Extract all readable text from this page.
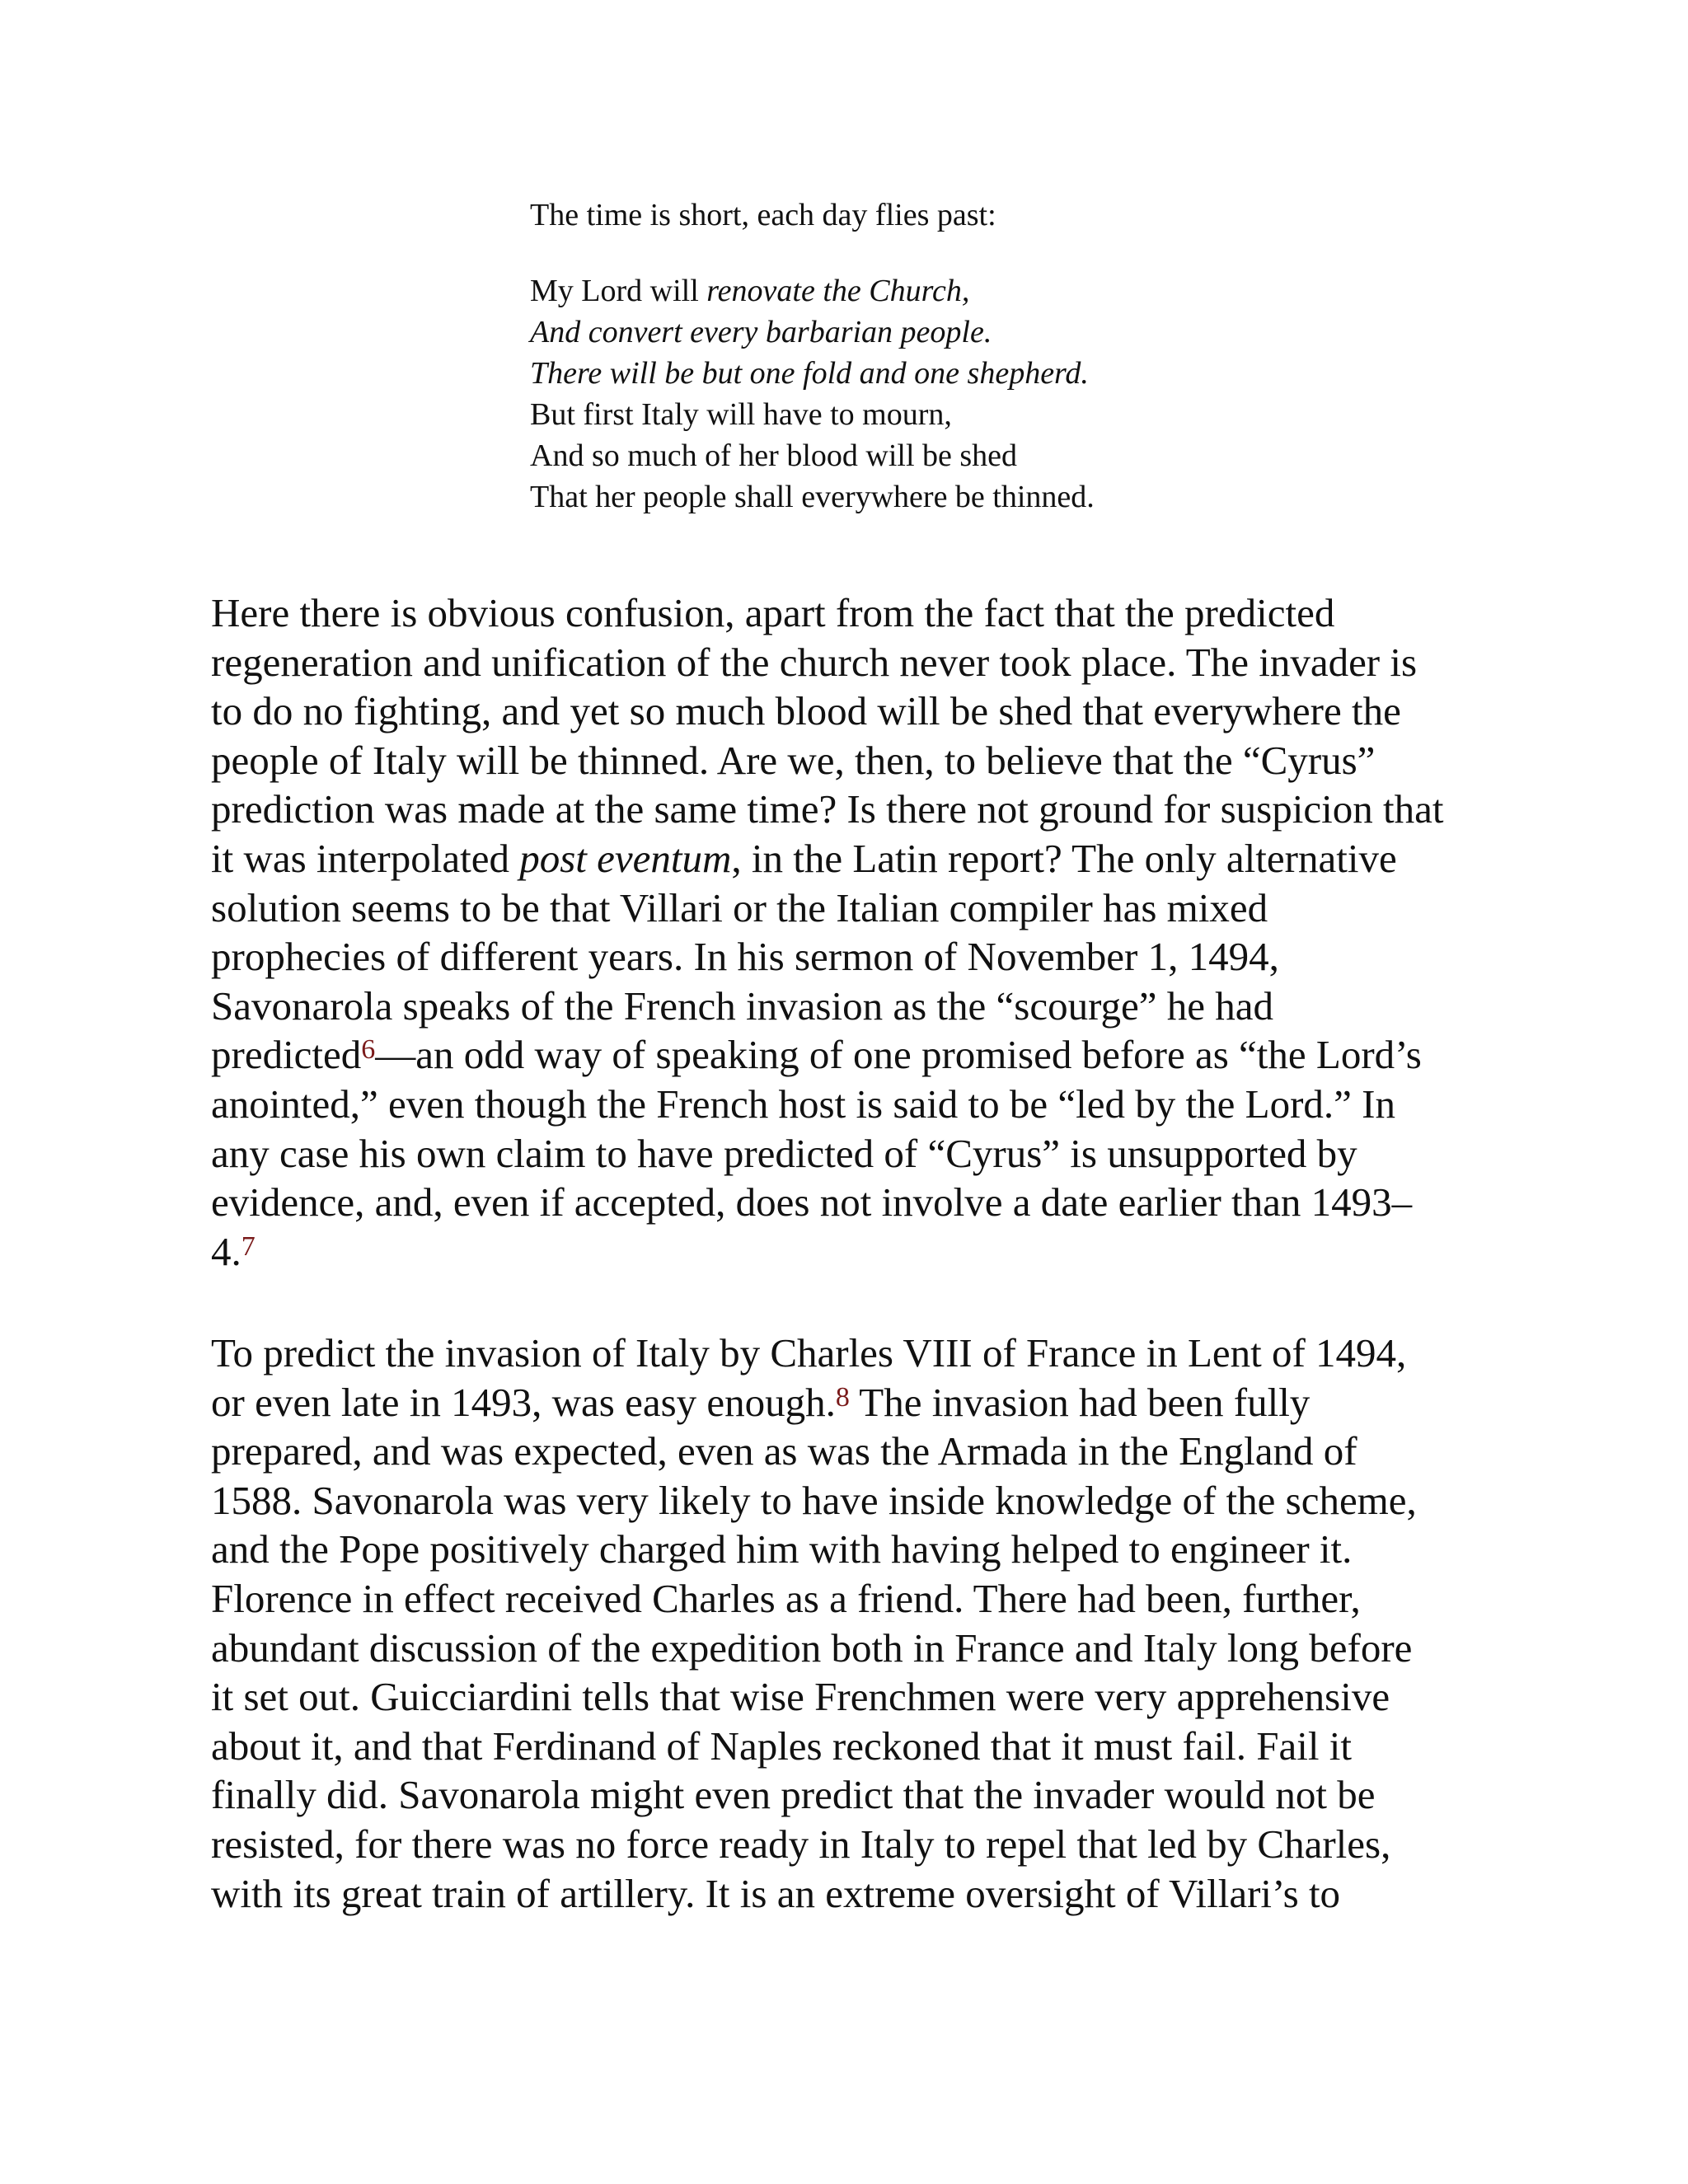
The time is short, each day flies past:
My Lord will renovate the Church,
And convert every barbarian people.
There will be but one fold and one shepherd.
But first Italy will have to mourn,
And so much of her blood will be shed
That her people shall everywhere be thinned.
Here there is obvious confusion, apart from the fact that the predicted
regeneration and unification of the church never took place. The invader is
to do no fighting, and yet so much blood will be shed that everywhere the
people of Italy will be thinned. Are we, then, to believe that the “Cyrus”
prediction was made at the same time? Is there not ground for suspicion that
it was interpolated post eventum, in the Latin report? The only alternative
solution seems to be that Villari or the Italian compiler has mixed
prophecies of different years. In his sermon of November 1, 1494,
Savonarola speaks of the French invasion as the “scourge” he had
predicted$^6$—an odd way of speaking of one promised before as “the Lord’s
anointed,” even though the French host is said to be “led by the Lord.” In
any case his own claim to have predicted of “Cyrus” is unsupported by
evidence, and, even if accepted, does not involve a date earlier than 1493–
4.$^7$
To predict the invasion of Italy by Charles VIII of France in Lent of 1494,
or even late in 1493, was easy enough.$^8$ The invasion had been fully
prepared, and was expected, even as was the Armada in the England of
1588. Savonarola was very likely to have inside knowledge of the scheme,
and the Pope positively charged him with having helped to engineer it.
Florence in effect received Charles as a friend. There had been, further,
abundant discussion of the expedition both in France and Italy long before
it set out. Guicciardini tells that wise Frenchmen were very apprehensive
about it, and that Ferdinand of Naples reckoned that it must fail. Fail it
finally did. Savonarola might even predict that the invader would not be
resisted, for there was no force ready in Italy to repel that led by Charles,
with its great train of artillery. It is an extreme oversight of Villari’s to
